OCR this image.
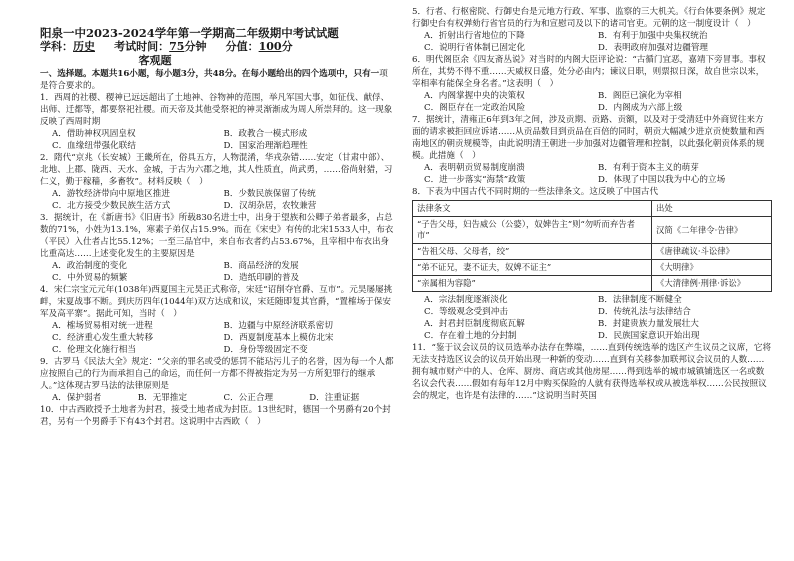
阳泉一中2023-2024学年第一学期高二年级期中考试试题
学科：历史 考试时间：75分钟 分值：100分
客观题

一、选择题。本题共16小题，每小题3分，共48分。在每小题给出的四个选项中，只有一项是符合要求的。

1．西周的社稷、稷神已远远超出了土地神、谷物神的范围，举凡军国大事，如征伐、献俘、出师、迁都等，都要祭祀社稷。而天帝及其他受祭祀的神灵渐渐成为周人所崇拜的。这一现象反映了西周时期

A．借助神权巩固皇权	B．政教合一模式形成
C．血缘纽带强化联结	D．国家治理渐趋理性

2．隋代“京兆（长安城）王畿所在，俗具五方，人物混淆，华戎杂错……安定（甘肃中部）、北地、上郡、陇西、天水、金城，于古为六郡之地，其人性质直，尚武勇，……俗尚射猎，习仁义，勤于稼穑，多畜牧”。材料反映（　）

A．游牧经济带向中原地区推进	B．少数民族保留了传统
C．北方接受少数民族生活方式	D．汉胡杂居，农牧兼营

3．据统计，在《新唐书》《旧唐书》所载830名进士中，出身于望族和公卿子弟者最多，占总数的71%，小姓为13.1%，寒素子弟仅占15.9%。而在《宋史》有传的北宋1533人中，布衣（平民）入仕者占比55.12%；一至三品官中，来自布衣者约占53.67%，且宰相中布衣出身比重高达……上述变化发生的主要原因是

A．政治制度的变化	B．商品经济的发展
C．中外贸易的频繁	D．造纸印刷的普及

4．宋仁宗宝元元年(1038年)西夏国主元昊正式称帝，宋廷“诏削夺官爵、互市”。元昊屡屡挑衅，宋夏战事不断。到庆历四年(1044年)双方达成和议，宋廷随即复其官爵，“置榷场于保安军及高平寨”。据此可知，当时（　）

A．榷场贸易相对统一进程	B．边疆与中原经济联系密切
C．经济重心发生重大转移	D．西夏制度基本上模仿北宋
C．伦理文化施行相当	D．身份等级固定不变

9．古罗马《民法大全》规定：“父亲的罪名或受的惩罚不能玷污儿子的名誉，因为每一个人都应按照自己的行为而承担自己的命运，而任何一方都不得被指定为另一方所犯罪行的继承人。”这体现古罗马法的法律原则是

A．保护弱者	B．无罪推定	C．公正合理	D．注重证据

10．中古西欧授予土地者为封君，接受土地者成为封臣。13世纪时，德国一个男爵有20个封君，另有一个男爵手下有43个封君。这说明中古西欧（　）

5．行者、行枢密院、行御史台是元地方行政、军事、监察的三大机关。《行台体要条例》规定行御史台有权弹劾行省官员的行为和宣慰司及以下的诸司官吏。元朝的这一制度设计（　）

A．折射出行省地位的下降	B．有利于加强中央集权统治
C．说明行省体制已固定化	D．表明政府加强对边疆管理

6．明代阁臣余《四友斋丛说》对当时的内阁大臣评论说：“古循门宜恶，嘉靖下旁冒事。事权所在，其势不得不重……天威权日盛，处分必由内；谏议日职，则票拟日深，故自世宗以来，宰相率有能保全身名者。”这表明（　）

A．内阁掌握中央的决策权	B．阁臣已演化为宰相
C．阁臣存在一定政治风险	D．内阁成为六部上级

7．据统计，清雍正6年到3年之间，涉及贡期、贡路、贡额，以及对于受清廷中外商贸往来方面的请求被拒回应诉诸……从贡品数目到贡品在百倍的同时，朝贡大幅减少进京贡使数量和西南地区的朝贡规模等，由此说明清王朝进一步加强对边疆管理和控制，以此强化朝贡体系的规模。此措施（　）

A．表明朝贡贸易制度崩溃	B．有利于资本主义的萌芽
C．进一步落实“海禁”政策	D．体现了中国以我为中心的立场

8．下表为中国古代不同时期的一些法律条文。这反映了中国古代

法律条文	出处
“子告父母，妇告威公（公婆），奴婢告主”则“勿听而弃告者市”	汉简《二年律令·告律》
“告祖父母、父母者，绞”	《唐律疏议·斗讼律》
“弟不证兄，妻不证夫，奴婢不证主”	《大明律》
“亲属相为容隐”	《大清律例·刑律·诉讼》
A．宗法制度逐渐淡化	B．法律制度不断健全
C．等级观念受到冲击	D．传统礼法与法律结合
A．封君封臣制度彻底瓦解	B．封建贵族力量发展壮大
C．存在着土地的分封制	D．民族国家意识开始出现

11．“鉴于议会议员的议员选举办法存在弊端，……直到传统选举的选区产生议员之议席，它将无法支持选区议会的议员开始出现一种新的变动……直到有关移参加联邦议会议员的人数……拥有城市财产中的人、仓库、厨房、商店或其他房屋……得到选举的城市城镇铺选区一名或数名议会代表……假如有每年12月中购买保险的人就有获得选举权或从被选举权……公民按照议会的规定，也许是有法律的……”这说明当时英国
